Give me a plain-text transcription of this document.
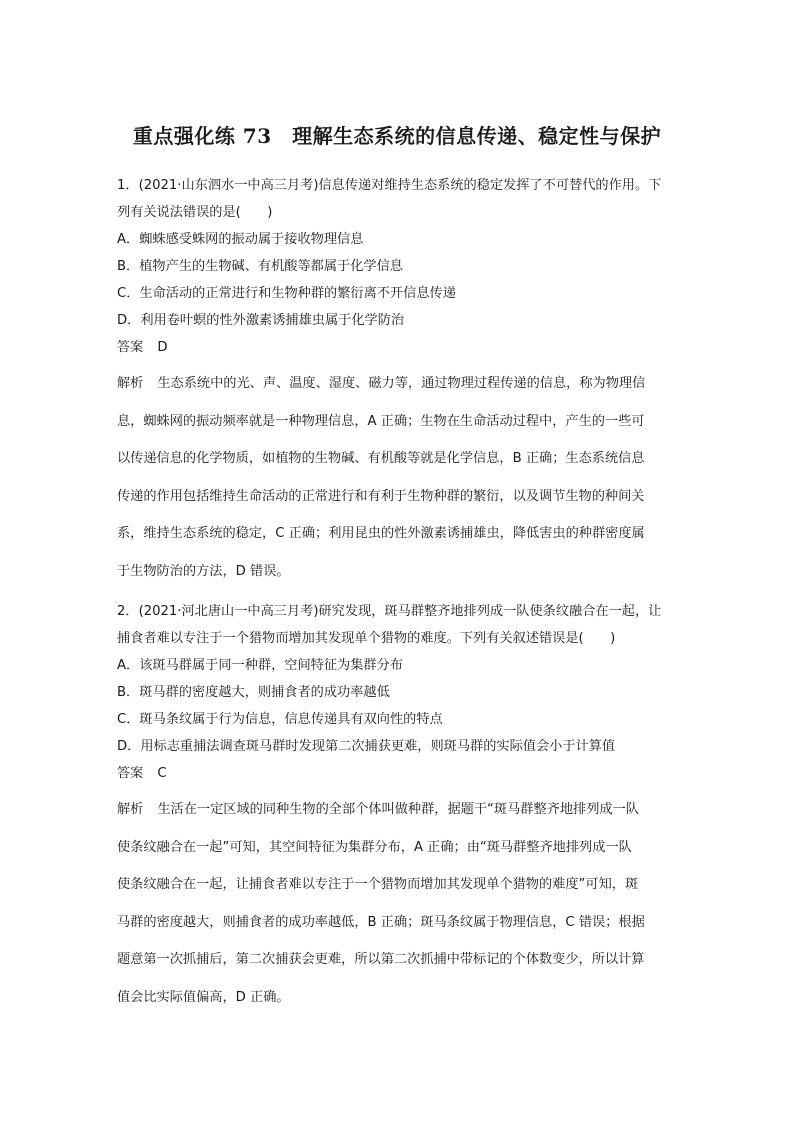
重点强化练 73　理解生态系统的信息传递、稳定性与保护
1．(2021·山东泗水一中高三月考)信息传递对维持生态系统的稳定发挥了不可替代的作用。下
列有关说法错误的是(　　)
A．蜘蛛感受蛛网的振动属于接收物理信息
B．植物产生的生物碱、有机酸等都属于化学信息
C．生命活动的正常进行和生物种群的繁衍离不开信息传递
D．利用卷叶螟的性外激素诱捕雄虫属于化学防治
答案 D
解析 生态系统中的光、声、温度、湿度、磁力等，通过物理过程传递的信息，称为物理信
息，蜘蛛网的振动频率就是一种物理信息，A 正确；生物在生命活动过程中，产生的一些可
以传递信息的化学物质，如植物的生物碱、有机酸等就是化学信息，B 正确；生态系统信息
传递的作用包括维持生命活动的正常进行和有利于生物种群的繁衍，以及调节生物的种间关
系，维持生态系统的稳定，C 正确；利用昆虫的性外激素诱捕雄虫，降低害虫的种群密度属
于生物防治的方法，D 错误。
2．(2021·河北唐山一中高三月考)研究发现，斑马群整齐地排列成一队使条纹融合在一起，让
捕食者难以专注于一个猎物而增加其发现单个猎物的难度。下列有关叙述错误是(　　)
A．该斑马群属于同一种群，空间特征为集群分布
B．斑马群的密度越大，则捕食者的成功率越低
C．斑马条纹属于行为信息，信息传递具有双向性的特点
D．用标志重捕法调查斑马群时发现第二次捕获更难，则斑马群的实际值会小于计算值
答案 C
解析 生活在一定区域的同种生物的全部个体叫做种群，据题干“斑马群整齐地排列成一队
使条纹融合在一起”可知，其空间特征为集群分布，A 正确；由“斑马群整齐地排列成一队
使条纹融合在一起，让捕食者难以专注于一个猎物而增加其发现单个猎物的难度”可知，斑
马群的密度越大，则捕食者的成功率越低，B 正确；斑马条纹属于物理信息，C 错误；根据
题意第一次抓捕后，第二次捕获会更难，所以第二次抓捕中带标记的个体数变少，所以计算
值会比实际值偏高，D 正确。
